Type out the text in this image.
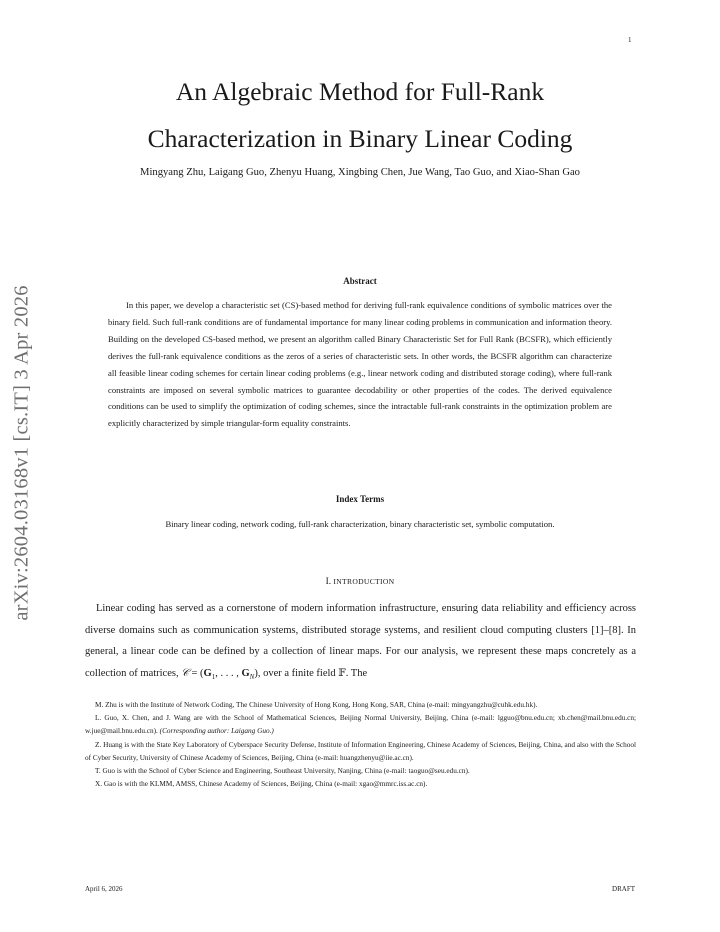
1
arXiv:2604.03168v1 [cs.IT] 3 Apr 2026
An Algebraic Method for Full-Rank
Characterization in Binary Linear Coding
Mingyang Zhu, Laigang Guo, Zhenyu Huang, Xingbing Chen, Jue Wang, Tao Guo, and Xiao-Shan Gao
Abstract
In this paper, we develop a characteristic set (CS)-based method for deriving full-rank equivalence conditions of symbolic matrices over the binary field. Such full-rank conditions are of fundamental importance for many linear coding problems in communication and information theory. Building on the developed CS-based method, we present an algorithm called Binary Characteristic Set for Full Rank (BCSFR), which efficiently derives the full-rank equivalence conditions as the zeros of a series of characteristic sets. In other words, the BCSFR algorithm can characterize all feasible linear coding schemes for certain linear coding problems (e.g., linear network coding and distributed storage coding), where full-rank constraints are imposed on several symbolic matrices to guarantee decodability or other properties of the codes. The derived equivalence conditions can be used to simplify the optimization of coding schemes, since the intractable full-rank constraints in the optimization problem are explicitly characterized by simple triangular-form equality constraints.
Index Terms
Binary linear coding, network coding, full-rank characterization, binary characteristic set, symbolic computation.
I. INTRODUCTION
Linear coding has served as a cornerstone of modern information infrastructure, ensuring data reliability and efficiency across diverse domains such as communication systems, distributed storage systems, and resilient cloud computing clusters [1]–[8]. In general, a linear code can be defined by a collection of linear maps. For our analysis, we represent these maps concretely as a collection of matrices, 𝒞 = ($G_1$, . . . , $G_N$), over a finite field 𝔽. The

M. Zhu is with the Institute of Network Coding, The Chinese University of Hong Kong, Hong Kong, SAR, China (e-mail: mingyangzhu@cuhk.edu.hk).

L. Guo, X. Chen, and J. Wang are with the School of Mathematical Sciences, Beijing Normal University, Beijing, China (e-mail: lgguo@bnu.edu.cn; xb.chen@mail.bnu.edu.cn; w.jue@mail.bnu.edu.cn). (Corresponding author: Laigang Guo.)

Z. Huang is with the State Key Laboratory of Cyberspace Security Defense, Institute of Information Engineering, Chinese Academy of Sciences, Beijing, China, and also with the School of Cyber Security, University of Chinese Academy of Sciences, Beijing, China (e-mail: huangzhenyu@iie.ac.cn).

T. Guo is with the School of Cyber Science and Engineering, Southeast University, Nanjing, China (e-mail: taoguo@seu.edu.cn).

X. Gao is with the KLMM, AMSS, Chinese Academy of Sciences, Beijing, China (e-mail: xgao@mmrc.iss.ac.cn).

April 6, 2026	DRAFT
